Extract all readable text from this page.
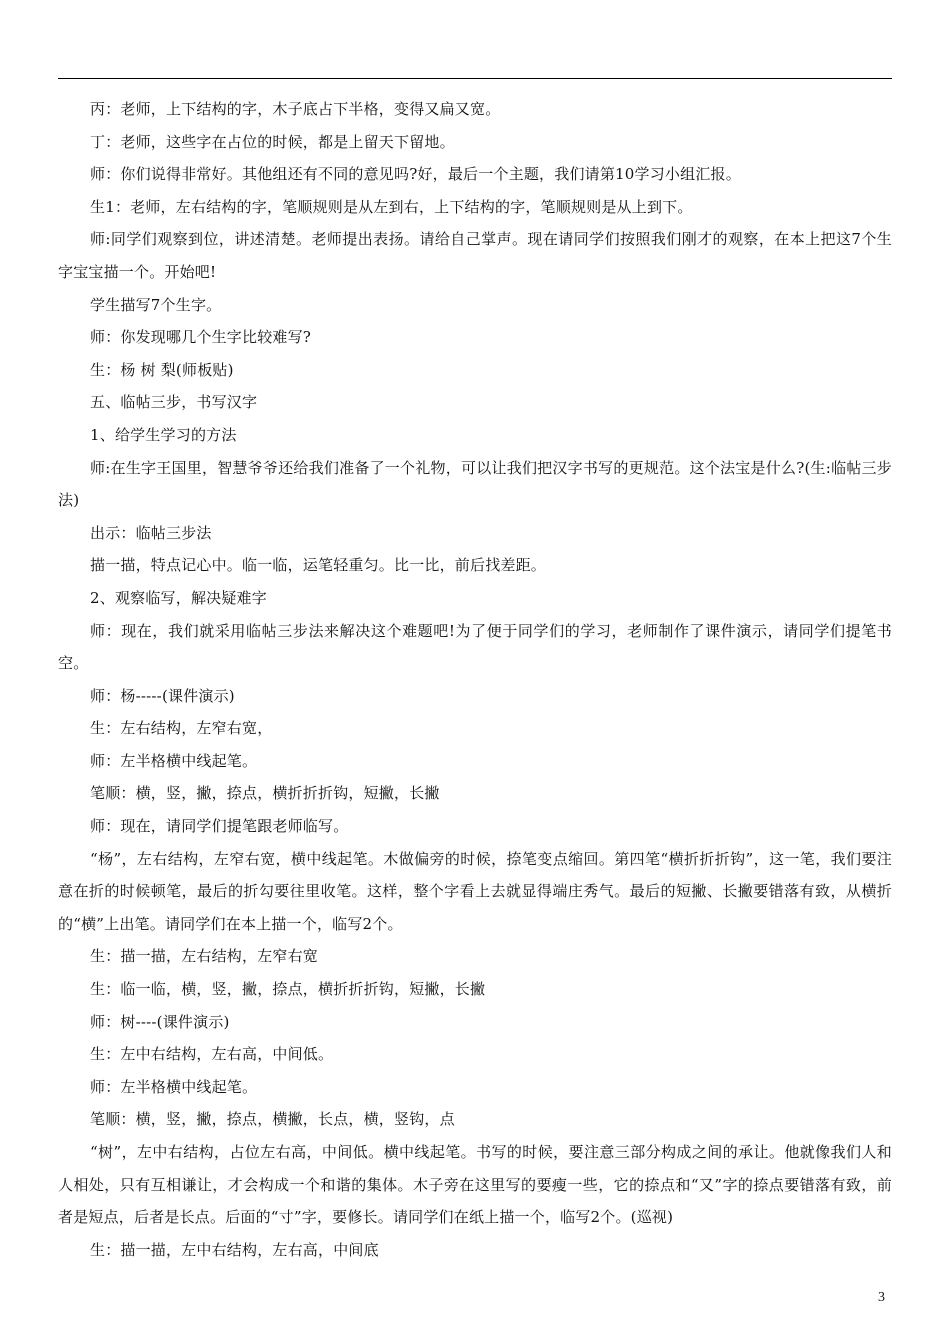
丙：老师，上下结构的字，木子底占下半格，变得又扁又宽。

丁：老师，这些字在占位的时候，都是上留天下留地。

师：你们说得非常好。其他组还有不同的意见吗?好，最后一个主题，我们请第10学习小组汇报。

生1：老师，左右结构的字，笔顺规则是从左到右，上下结构的字，笔顺规则是从上到下。

师:同学们观察到位，讲述清楚。老师提出表扬。请给自己掌声。现在请同学们按照我们刚才的观察，在本上把这7个生字宝宝描一个。开始吧!

学生描写7个生字。

师：你发现哪几个生字比较难写?

生：杨 树 梨(师板贴)

五、临帖三步，书写汉字

1、给学生学习的方法

师:在生字王国里，智慧爷爷还给我们准备了一个礼物，可以让我们把汉字书写的更规范。这个法宝是什么?(生:临帖三步法)

出示：临帖三步法

描一描，特点记心中。临一临，运笔轻重匀。比一比，前后找差距。

2、观察临写，解决疑难字

师：现在，我们就采用临帖三步法来解决这个难题吧!为了便于同学们的学习，老师制作了课件演示，请同学们提笔书空。

师：杨-----(课件演示)

生：左右结构，左窄右宽，

师：左半格横中线起笔。

笔顺：横，竖，撇，捺点，横折折折钩，短撇，长撇

师：现在，请同学们提笔跟老师临写。

“杨”，左右结构，左窄右宽，横中线起笔。木做偏旁的时候，捺笔变点缩回。第四笔“横折折折钩”，这一笔，我们要注意在折的时候顿笔，最后的折勾要往里收笔。这样，整个字看上去就显得端庄秀气。最后的短撇、长撇要错落有致，从横折的“横”上出笔。请同学们在本上描一个，临写2个。

生：描一描，左右结构，左窄右宽

生：临一临，横，竖，撇，捺点，横折折折钩，短撇，长撇

师：树----(课件演示)

生：左中右结构，左右高，中间低。

师：左半格横中线起笔。

笔顺：横，竖，撇，捺点，横撇，长点，横，竖钩，点

“树”，左中右结构，占位左右高，中间低。横中线起笔。书写的时候，要注意三部分构成之间的承让。他就像我们人和人相处，只有互相谦让，才会构成一个和谐的集体。木子旁在这里写的要瘦一些，它的捺点和“又”字的捺点要错落有致，前者是短点，后者是长点。后面的“寸”字，要修长。请同学们在纸上描一个，临写2个。(巡视)

生：描一描，左中右结构，左右高，中间底

3
